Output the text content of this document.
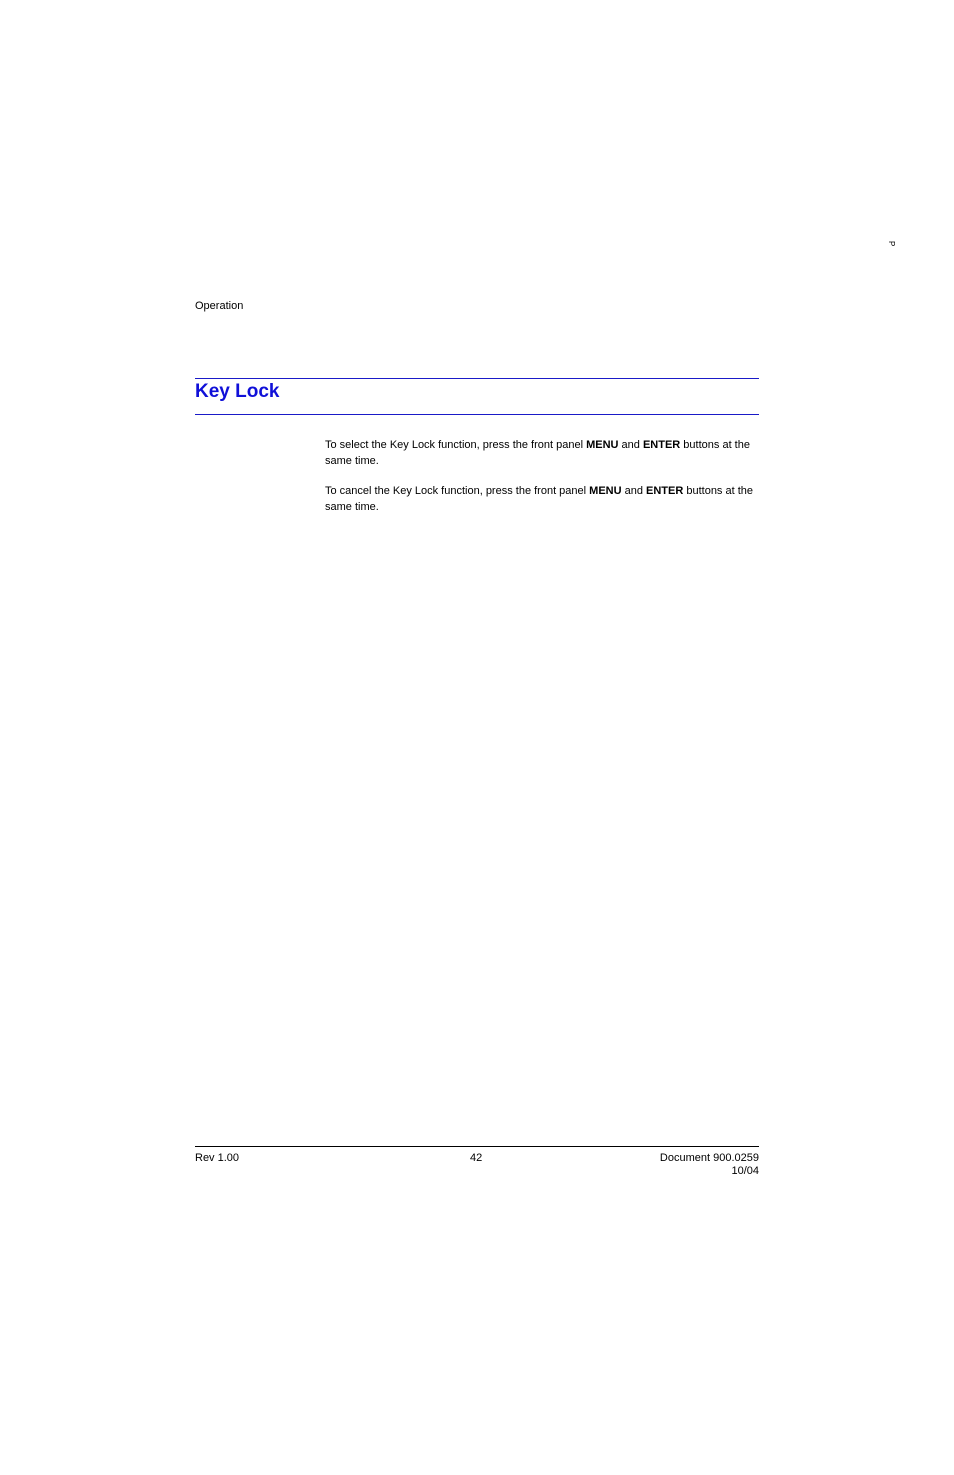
P
Operation
Key Lock

To select the Key Lock function, press the front panel MENU and ENTER buttons at the same time.

To cancel the Key Lock function, press the front panel MENU and ENTER buttons at the same time.

Rev 1.00	42	Document 900.0259
10/04
